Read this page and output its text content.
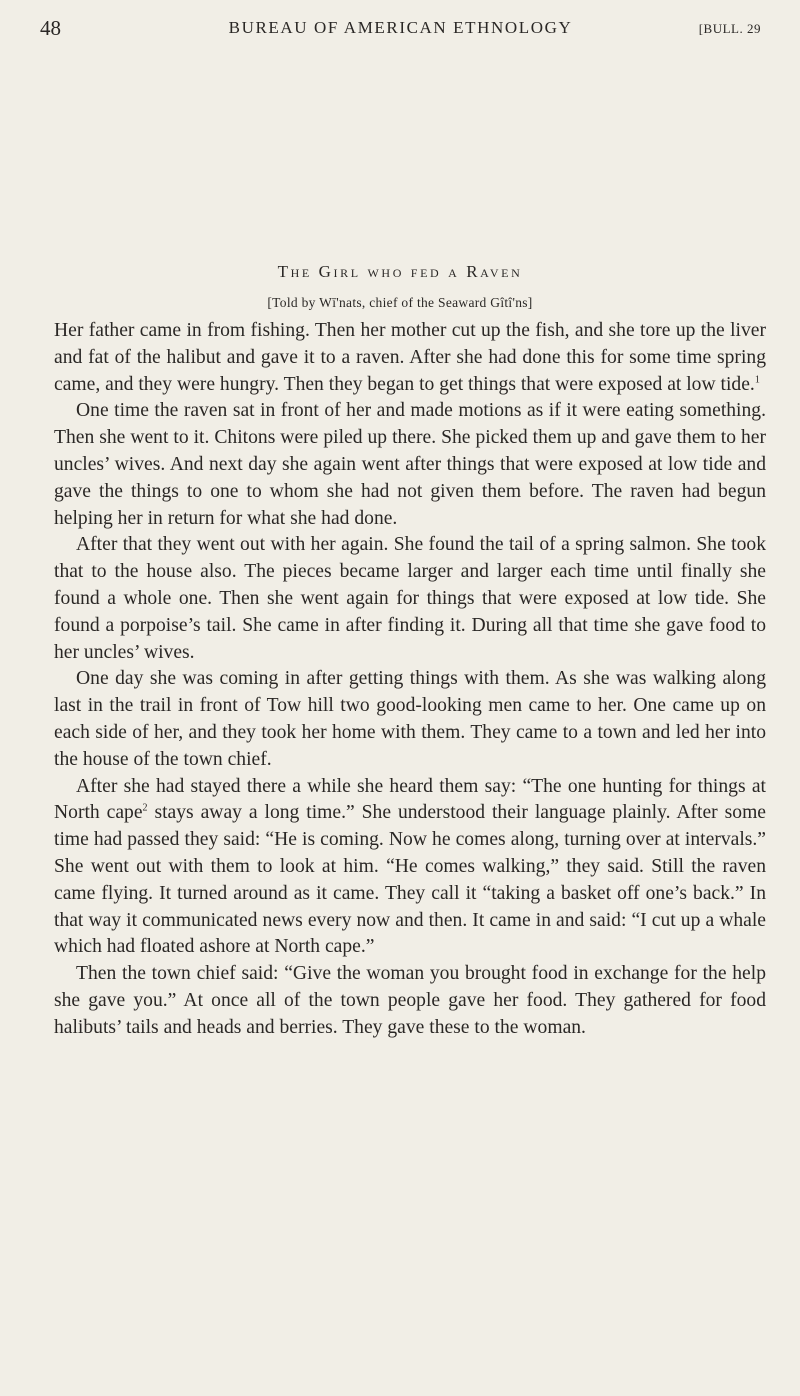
48	BUREAU OF AMERICAN ETHNOLOGY	[BULL. 29
The Girl who fed a Raven
[Told by Wī'nats, chief of the Seaward Gîtî'ns]

Her father came in from fishing. Then her mother cut up the fish, and she tore up the liver and fat of the halibut and gave it to a raven. After she had done this for some time spring came, and they were hungry. Then they began to get things that were exposed at low tide.$^1$

One time the raven sat in front of her and made motions as if it were eating something. Then she went to it. Chitons were piled up there. She picked them up and gave them to her uncles’ wives. And next day she again went after things that were exposed at low tide and gave the things to one to whom she had not given them before. The raven had begun helping her in return for what she had done.

After that they went out with her again. She found the tail of a spring salmon. She took that to the house also. The pieces became larger and larger each time until finally she found a whole one. Then she went again for things that were exposed at low tide. She found a porpoise’s tail. She came in after finding it. During all that time she gave food to her uncles’ wives.

One day she was coming in after getting things with them. As she was walking along last in the trail in front of Tow hill two good-looking men came to her. One came up on each side of her, and they took her home with them. They came to a town and led her into the house of the town chief.

After she had stayed there a while she heard them say: “The one hunting for things at North cape$^2$ stays away a long time.” She understood their language plainly. After some time had passed they said: “He is coming. Now he comes along, turning over at intervals.” She went out with them to look at him. “He comes walking,” they said. Still the raven came flying. It turned around as it came. They call it “taking a basket off one’s back.” In that way it communicated news every now and then. It came in and said: “I cut up a whale which had floated ashore at North cape.”

Then the town chief said: “Give the woman you brought food in exchange for the help she gave you.” At once all of the town people gave her food. They gathered for food halibuts’ tails and heads and berries. They gave these to the woman.
